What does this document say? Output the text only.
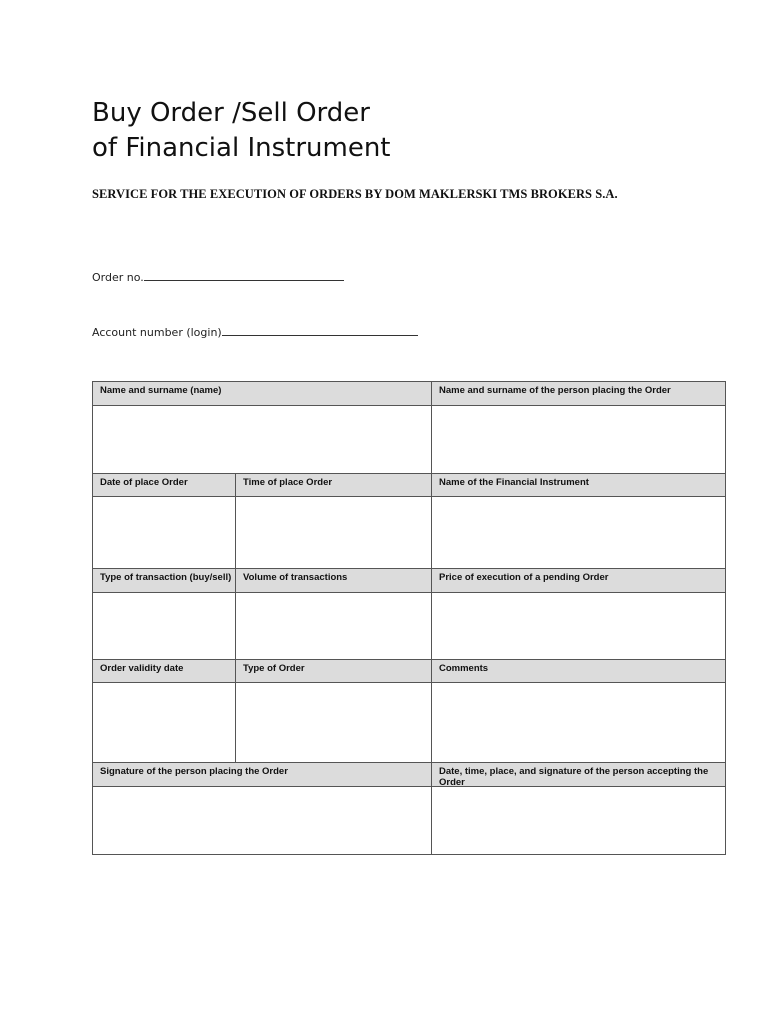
Buy Order /Sell Order
of Financial Instrument

SERVICE FOR THE EXECUTION OF ORDERS BY DOM MAKLERSKI TMS BROKERS S.A.

Order no.
Account number (login)
Name and surname (name)	Name and surname of the person placing the Order
Date of place Order	Time of place Order	Name of the Financial Instrument
Type of transaction (buy/sell)	Volume of transactions	Price of execution of a pending Order
Order validity date	Type of Order	Comments
Signature of the person placing the Order	Date, time, place, and signature of the person accepting the Order
